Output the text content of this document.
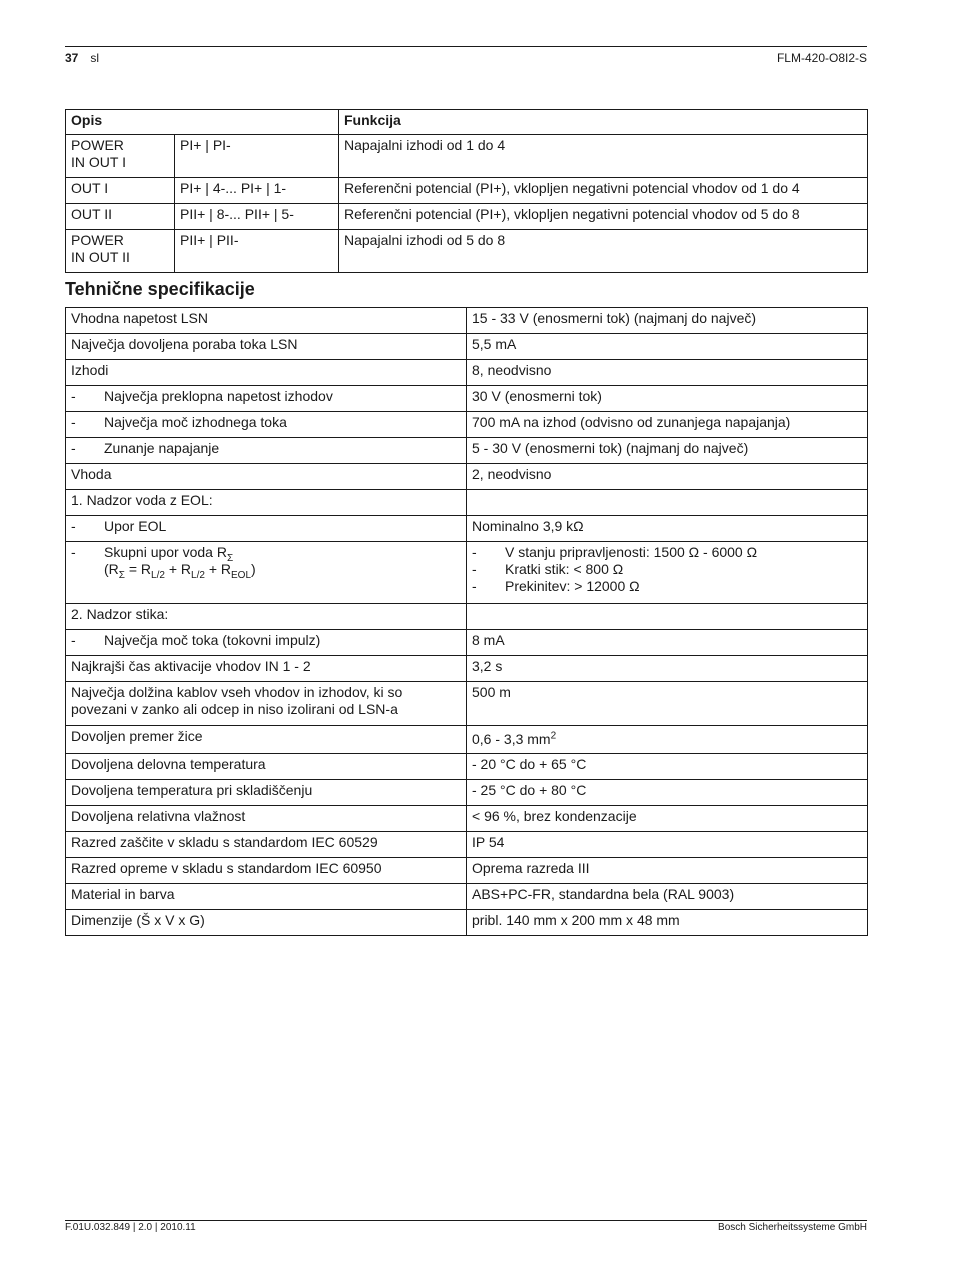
37 sl	FLM-420-O8I2-S
Opis		Funkcija
POWER
IN OUT I	PI+ | PI-	Napajalni izhodi od 1 do 4
OUT I	PI+ | 4-... PI+ | 1-	Referenčni potencial (PI+), vklopljen negativni potencial vhodov od 1 do 4
OUT II	PII+ | 8-... PII+ | 5-	Referenčni potencial (PI+), vklopljen negativni potencial vhodov od 5 do 8
POWER
IN OUT II	PII+ | PII-	Napajalni izhodi od 5 do 8
Tehnične specifikacije
Vhodna napetost LSN	15 - 33 V (enosmerni tok) (najmanj do največ)
Največja dovoljena poraba toka LSN	5,5 mA
Izhodi	8, neodvisno
- Največja preklopna napetost izhodov	30 V (enosmerni tok)
- Največja moč izhodnega toka	700 mA na izhod (odvisno od zunanjega napajanja)
- Zunanje napajanje	5 - 30 V (enosmerni tok) (najmanj do največ)
Vhoda	2, neodvisno
1. Nadzor voda z EOL:	
- Upor EOL	Nominalno 3,9 kΩ
- Skupni upor voda $R_\Sigma$
$(R_\Sigma = R_{L/2} + R_{L/2} + R_{EOL})$	- V stanju pripravljenosti: 1500 Ω - 6000 Ω
- Kratki stik: < 800 Ω
- Prekinitev: > 12000 Ω

2. Nadzor stika:	
- Največja moč toka (tokovni impulz)	8 mA
Najkrajši čas aktivacije vhodov IN 1 - 2	3,2 s
Največja dolžina kablov vseh vhodov in izhodov, ki so povezani v zanko ali odcep in niso izolirani od LSN-a	500 m
Dovoljen premer žice	0,6 - 3,3 $mm^2$
Dovoljena delovna temperatura	- 20 °C do + 65 °C
Dovoljena temperatura pri skladiščenju	- 25 °C do + 80 °C
Dovoljena relativna vlažnost	< 96 %, brez kondenzacije
Razred zaščite v skladu s standardom IEC 60529	IP 54
Razred opreme v skladu s standardom IEC 60950	Oprema razreda III
Material in barva	ABS+PC-FR, standardna bela (RAL 9003)
Dimenzije (Š x V x G)	pribl. 140 mm x 200 mm x 48 mm
F.01U.032.849 | 2.0 | 2010.11	Bosch Sicherheitssysteme GmbH
